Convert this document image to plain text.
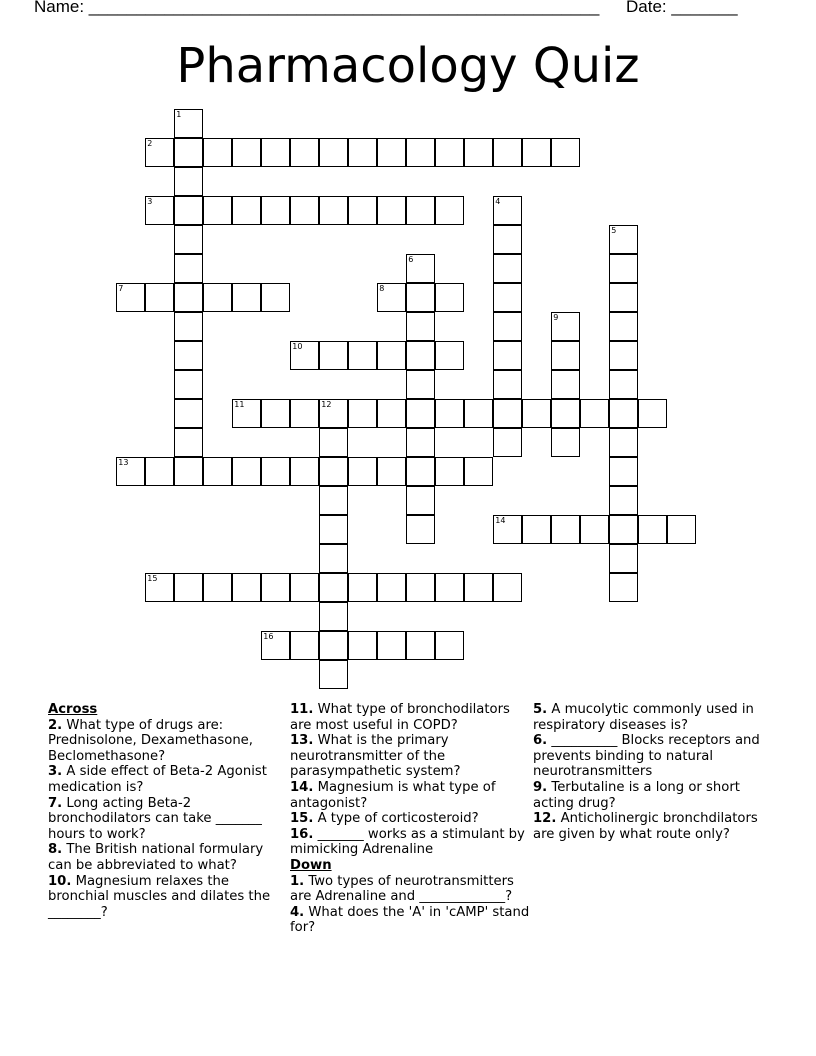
Name: ______________________________________________________ Date: _______
Pharmacology Quiz
1
2
3	4
5
6
7	8
9
10
11	12
13
14
15
16
Across
2. What type of drugs are: Prednisolone, Dexamethasone, Beclomethasone?
3. A side effect of Beta-2 Agonist medication is?
7. Long acting Beta-2 bronchodilators can take _______ hours to work?
8. The British national formulary can be abbreviated to what?
10. Magnesium relaxes the bronchial muscles and dilates the ________?
11. What type of bronchodilators are most useful in COPD?
13. What is the primary neurotransmitter of the parasympathetic system?
14. Magnesium is what type of antagonist?
15. A type of corticosteroid?
16. _______ works as a stimulant by mimicking Adrenaline
Down
1. Two types of neurotransmitters are Adrenaline and _____________?
4. What does the 'A' in 'cAMP' stand for?
5. A mucolytic commonly used in respiratory diseases is?
6. __________ Blocks receptors and prevents binding to natural neurotransmitters
9. Terbutaline is a long or short acting drug?
12. Anticholinergic bronchdilators are given by what route only?
